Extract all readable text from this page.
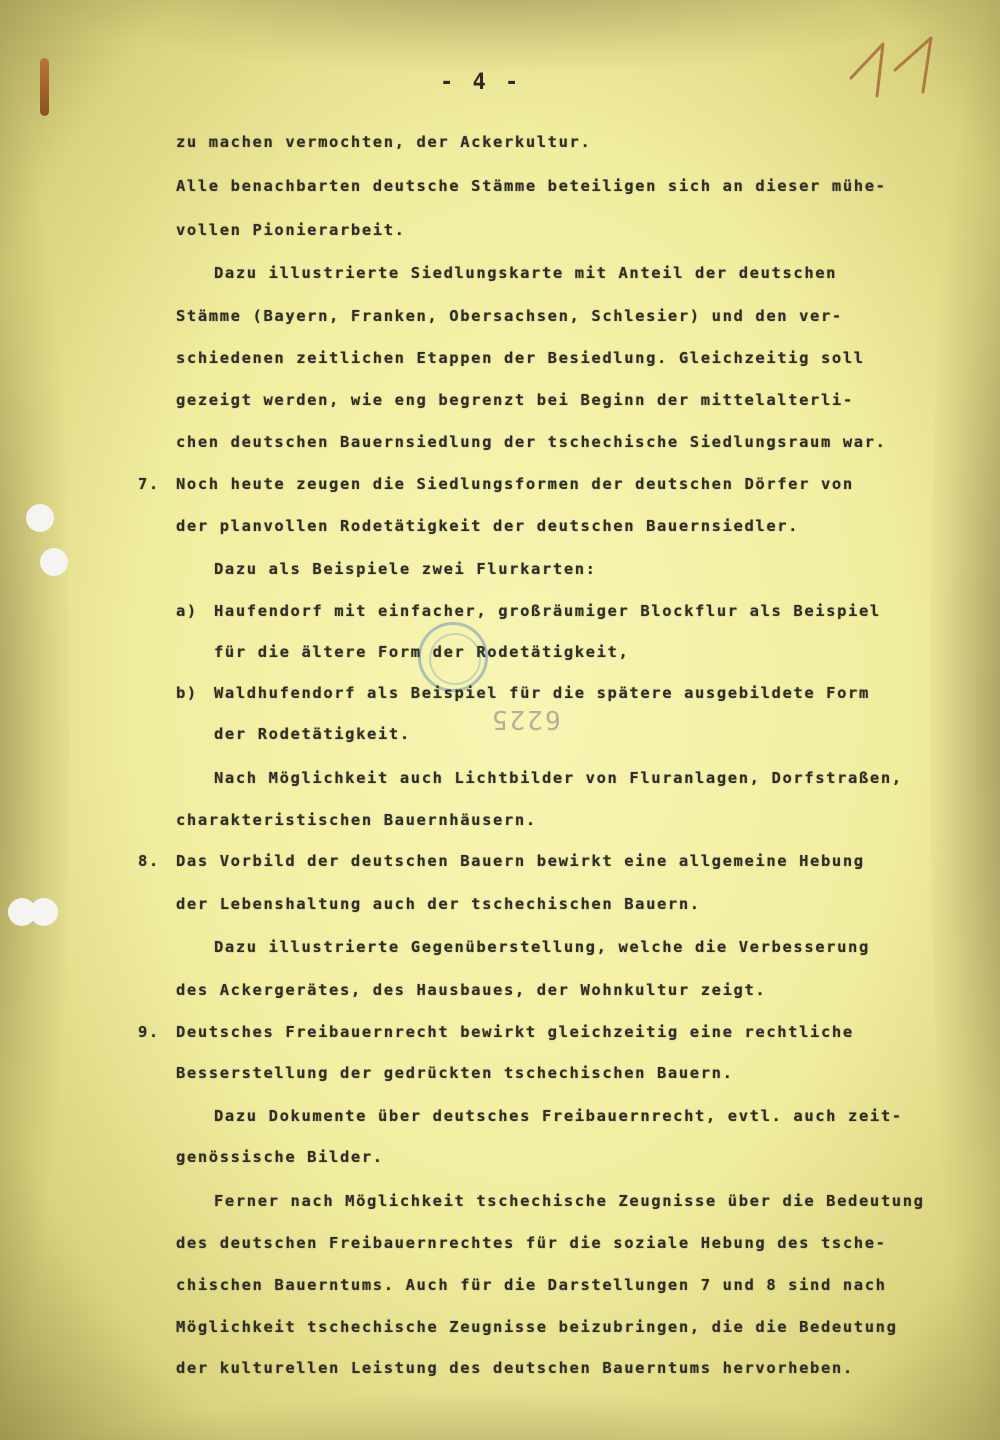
6225
- 4 -
zu machen vermochten, der Ackerkultur.
Alle benachbarten deutsche Stämme beteiligen sich an dieser mühe-
vollen Pionierarbeit.
Dazu illustrierte Siedlungskarte mit Anteil der deutschen
Stämme (Bayern, Franken, Obersachsen, Schlesier) und den ver-
schiedenen zeitlichen Etappen der Besiedlung. Gleichzeitig soll
gezeigt werden, wie eng begrenzt bei Beginn der mittelalterli-
chen deutschen Bauernsiedlung der tschechische Siedlungsraum war.
7. Noch heute zeugen die Siedlungsformen der deutschen Dörfer von
der planvollen Rodetätigkeit der deutschen Bauernsiedler.
Dazu als Beispiele zwei Flurkarten:
a) Haufendorf mit einfacher, großräumiger Blockflur als Beispiel
für die ältere Form der Rodetätigkeit,
b) Waldhufendorf als Beispiel für die spätere ausgebildete Form
der Rodetätigkeit.
Nach Möglichkeit auch Lichtbilder von Fluranlagen, Dorfstraßen,
charakteristischen Bauernhäusern.
8. Das Vorbild der deutschen Bauern bewirkt eine allgemeine Hebung
der Lebenshaltung auch der tschechischen Bauern.
Dazu illustrierte Gegenüberstellung, welche die Verbesserung
des Ackergerätes, des Hausbaues, der Wohnkultur zeigt.
9. Deutsches Freibauernrecht bewirkt gleichzeitig eine rechtliche
Besserstellung der gedrückten tschechischen Bauern.
Dazu Dokumente über deutsches Freibauernrecht, evtl. auch zeit-
genössische Bilder.
Ferner nach Möglichkeit tschechische Zeugnisse über die Bedeutung
des deutschen Freibauernrechtes für die soziale Hebung des tsche-
chischen Bauerntums. Auch für die Darstellungen 7 und 8 sind nach
Möglichkeit tschechische Zeugnisse beizubringen, die die Bedeutung
der kulturellen Leistung des deutschen Bauerntums hervorheben.
